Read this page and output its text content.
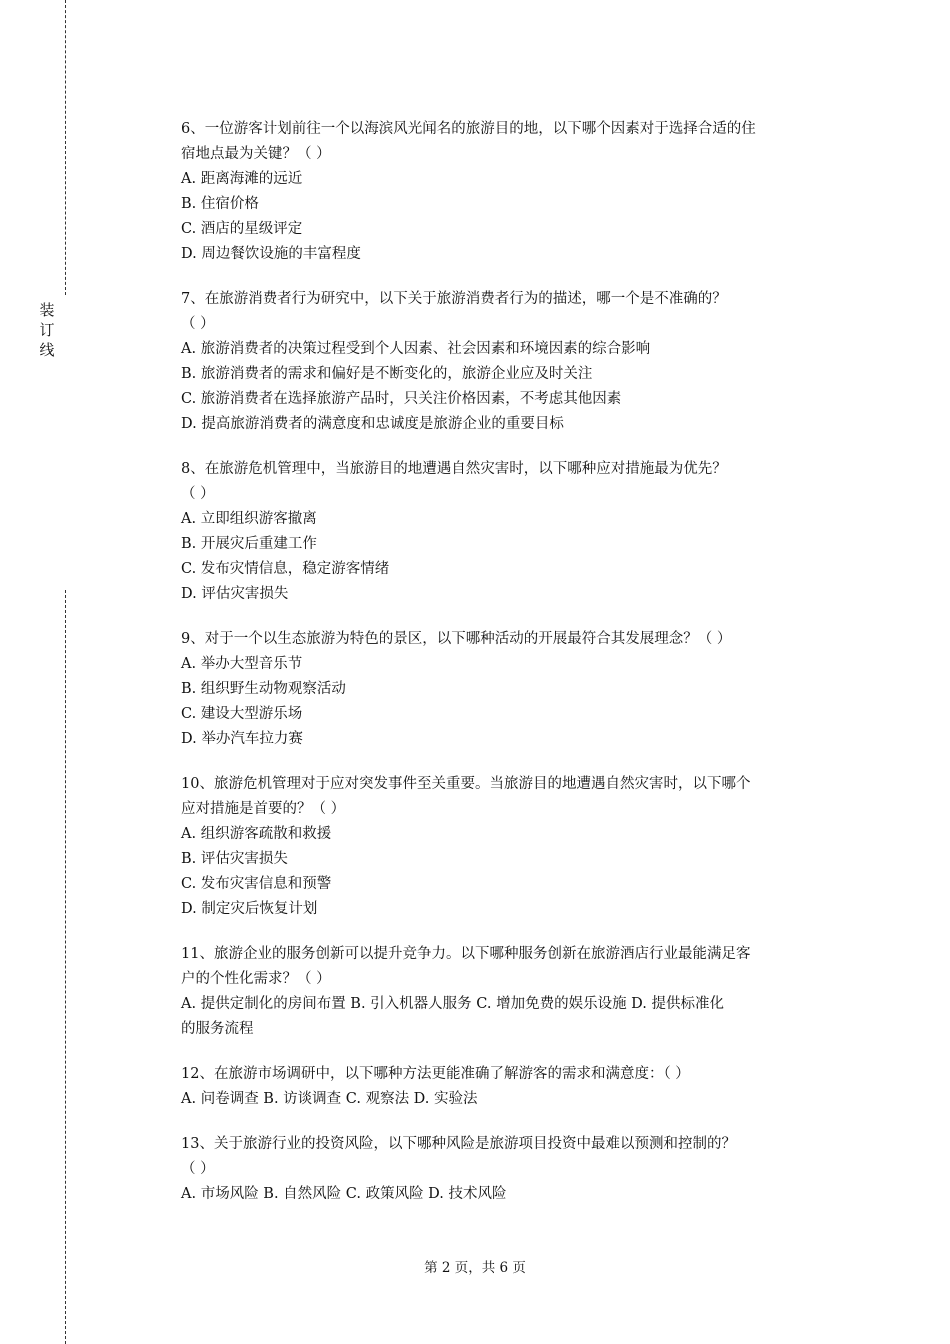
装
订
线
6、一位游客计划前往一个以海滨风光闻名的旅游目的地，以下哪个因素对于选择合适的住
宿地点最为关键？（ ）
A. 距离海滩的远近
B. 住宿价格
C. 酒店的星级评定
D. 周边餐饮设施的丰富程度
7、在旅游消费者行为研究中，以下关于旅游消费者行为的描述，哪一个是不准确的？
（ ）
A. 旅游消费者的决策过程受到个人因素、社会因素和环境因素的综合影响
B. 旅游消费者的需求和偏好是不断变化的，旅游企业应及时关注
C. 旅游消费者在选择旅游产品时，只关注价格因素，不考虑其他因素
D. 提高旅游消费者的满意度和忠诚度是旅游企业的重要目标
8、在旅游危机管理中，当旅游目的地遭遇自然灾害时，以下哪种应对措施最为优先？
（ ）
A. 立即组织游客撤离
B. 开展灾后重建工作
C. 发布灾情信息，稳定游客情绪
D. 评估灾害损失
9、对于一个以生态旅游为特色的景区，以下哪种活动的开展最符合其发展理念？（ ）
A. 举办大型音乐节
B. 组织野生动物观察活动
C. 建设大型游乐场
D. 举办汽车拉力赛
10、旅游危机管理对于应对突发事件至关重要。当旅游目的地遭遇自然灾害时，以下哪个
应对措施是首要的？（ ）
A. 组织游客疏散和救援
B. 评估灾害损失
C. 发布灾害信息和预警
D. 制定灾后恢复计划
11、旅游企业的服务创新可以提升竞争力。以下哪种服务创新在旅游酒店行业最能满足客
户的个性化需求？（ ）
A. 提供定制化的房间布置 B. 引入机器人服务 C. 增加免费的娱乐设施 D. 提供标准化
的服务流程
12、在旅游市场调研中，以下哪种方法更能准确了解游客的需求和满意度：（ ）
A. 问卷调查 B. 访谈调查 C. 观察法 D. 实验法
13、关于旅游行业的投资风险，以下哪种风险是旅游项目投资中最难以预测和控制的？
（ ）
A. 市场风险 B. 自然风险 C. 政策风险 D. 技术风险
第 2 页，共 6 页
